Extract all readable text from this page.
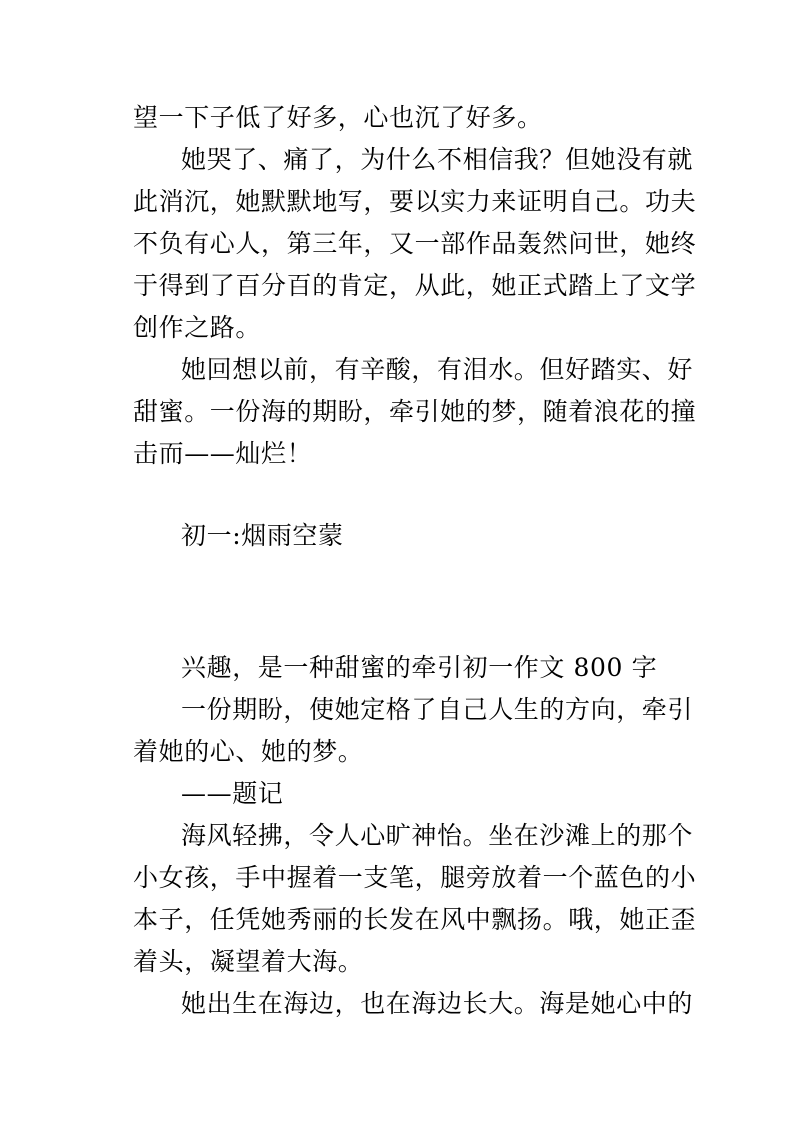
望一下子低了好多，心也沉了好多。
她哭了、痛了，为什么不相信我？但她没有就
此消沉，她默默地写，要以实力来证明自己。功夫
不负有心人，第三年，又一部作品轰然问世，她终
于得到了百分百的肯定，从此，她正式踏上了文学
创作之路。
她回想以前，有辛酸，有泪水。但好踏实、好
甜蜜。一份海的期盼，牵引她的梦，随着浪花的撞
击而——灿烂！
初一:烟雨空蒙
兴趣，是一种甜蜜的牵引初一作文 800 字
一份期盼，使她定格了自己人生的方向，牵引
着她的心、她的梦。
——题记
海风轻拂，令人心旷神怡。坐在沙滩上的那个
小女孩，手中握着一支笔，腿旁放着一个蓝色的小
本子，任凭她秀丽的长发在风中飘扬。哦，她正歪
着头，凝望着大海。
她出生在海边，也在海边长大。海是她心中的
